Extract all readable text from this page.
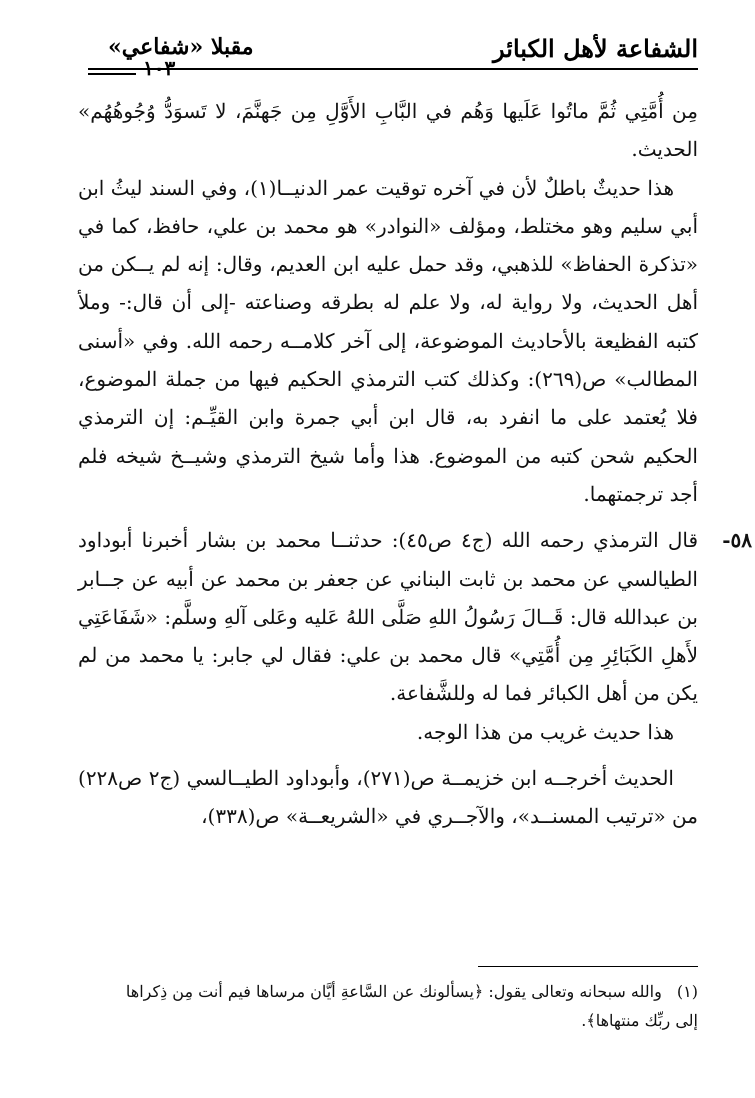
الشفاعة لأهل الكبائر
مقبلا «شفاعي»
١٠٣

مِن أُمَّتِي ثُمَّ ماتُوا عَلَيها وَهُم في البَّابِ الأَوَّلِ مِن جَهنَّمَ، لا تَسوَدُّ وُجُوهُهُم» الحديث.

هذا حديثٌ باطلٌ لأن في آخره توقيت عمر الدنيــا(١)، وفي السند ليثُ ابن أبي سليم وهو مختلط، ومؤلف «النوادر» هو محمد بن علي، حافظ، كما في «تذكرة الحفاظ» للذهبي، وقد حمل عليه ابن العديم، وقال: إنه لم يــكن من أهل الحديث، ولا رواية له، ولا علم له بطرقه وصناعته -إلى أن قال:- وملأ كتبه الفظيعة بالأحاديث الموضوعة، إلى آخر كلامــه رحمه الله. وفي «أسنى المطالب» ص(٢٦٩): وكذلك كتب الترمذي الحكيم فيها من جملة الموضوع، فلا يُعتمد على ما انفرد به، قال ابن أبي جمرة وابن القيِّـم: إن الترمذي الحكيم شحن كتبه من الموضوع. هذا وأما شيخ الترمذي وشيــخ شيخه فلم أجد ترجمتهما.

٥٨-
قال الترمذي رحمه الله (ج٤ ص٤٥): حدثنــا محمد بن بشار أخبرنا أبوداود الطيالسي عن محمد بن ثابت البناني عن جعفر بن محمد عن أبيه عن جــابر بن عبدالله قال: قَــالَ رَسُولُ اللهِ صَلَّى اللهُ عَليه وعَلى آلهِ وسلَّم: «شَفَاعَتِي لأَهلِ الكَبَائِرِ مِن أُمَّتِي» قال محمد بن علي: فقال لي جابر: يا محمد من لم يكن من أهل الكبائر فما له وللشَّفاعة.

هذا حديث غريب من هذا الوجه.

الحديث أخرجــه ابن خزيمــة ص(٢٧١)، وأبوداود الطيــالسي (ج٢ ص٢٢٨) من «ترتيب المسنــد»، والآجــري في «الشريعــة» ص(٣٣٨)،

(١) والله سبحانه وتعالى يقول: ﴿يسألونك عن السَّاعةِ أيَّان مرساها فيم أنت مِن ذِكراها إلى ربِّك منتهاها﴾.
